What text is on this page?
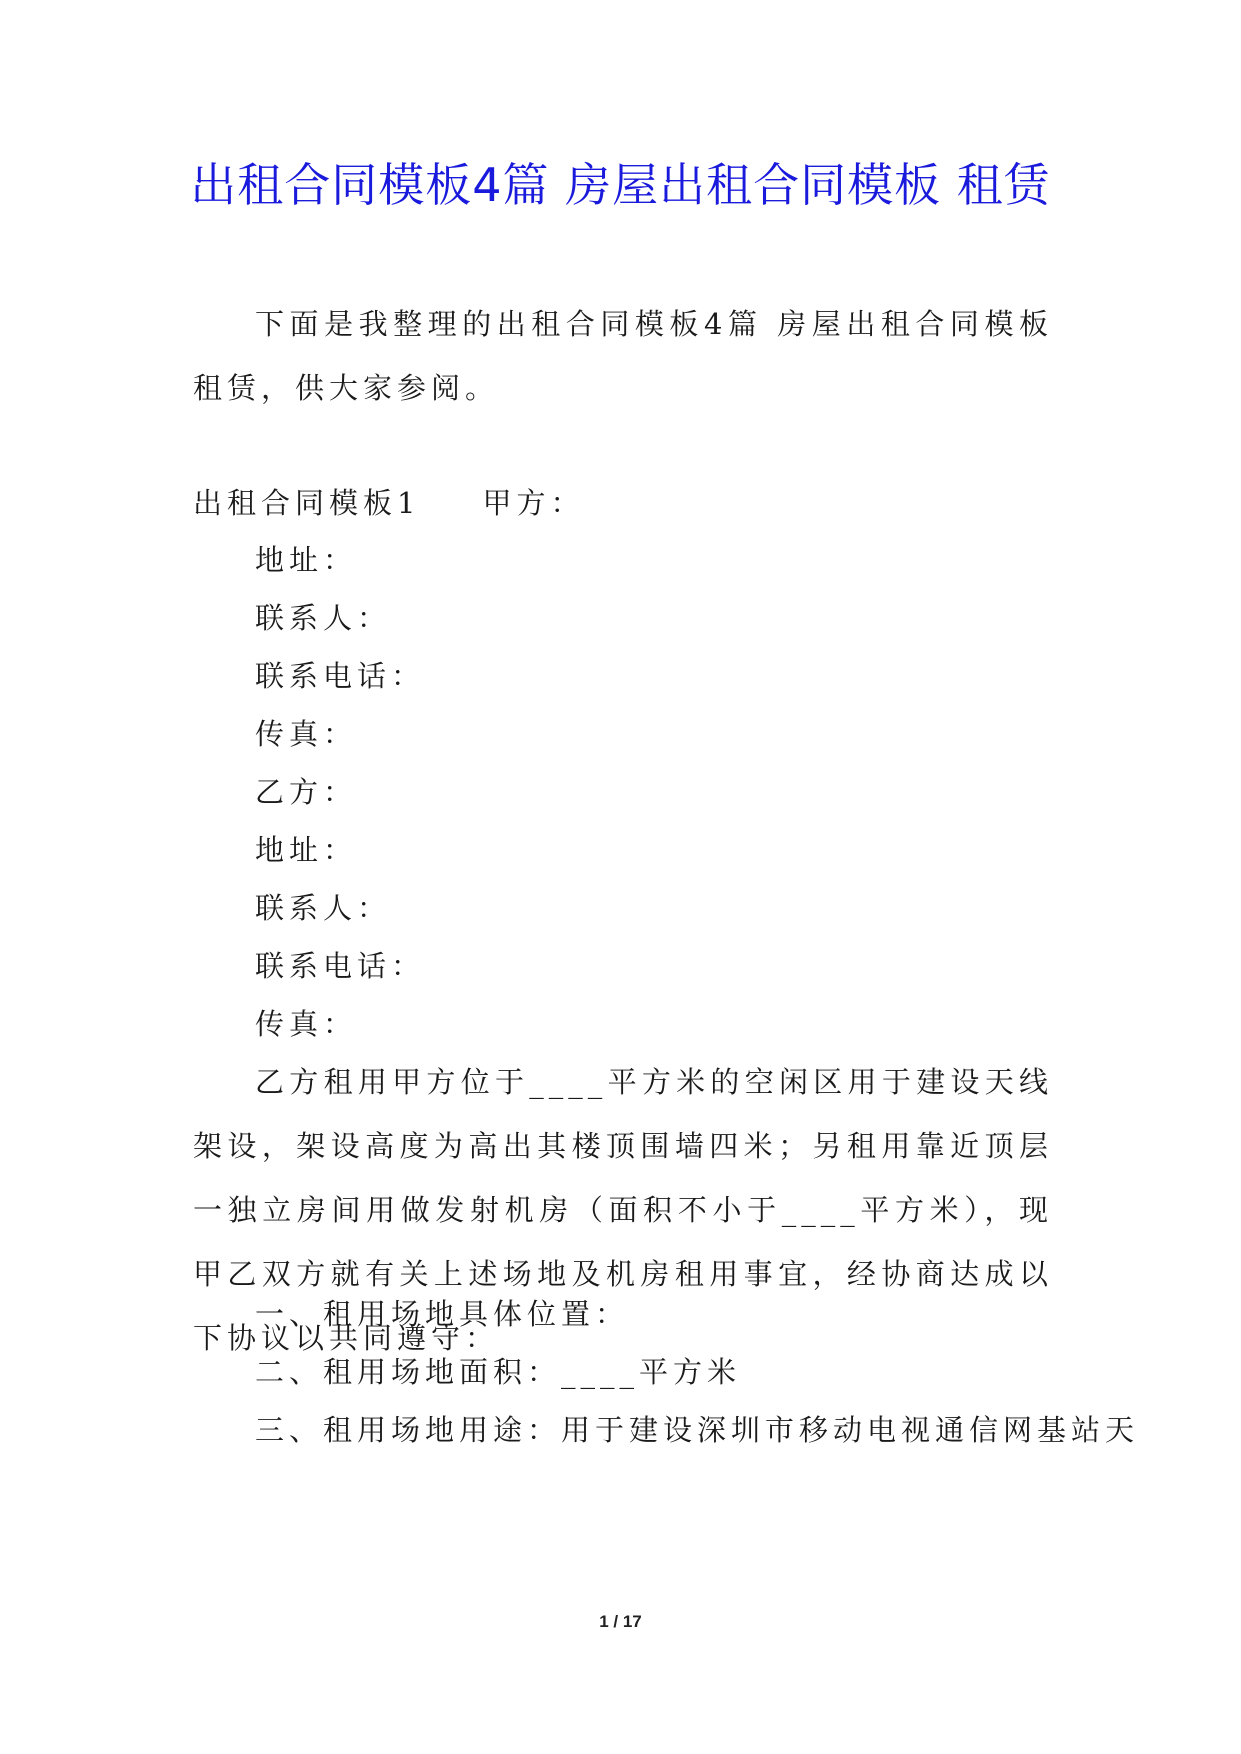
出租合同模板4篇 房屋出租合同模板 租赁

下面是我整理的出租合同模板4篇 房屋出租合同模板 租赁，供大家参阅。

出租合同模板1 甲方：
地址：
联系人：
联系电话：
传真：
乙方：
地址：
联系人：
联系电话：
传真：

乙方租用甲方位于____平方米的空闲区用于建设天线架设，架设高度为高出其楼顶围墙四米；另租用靠近顶层一独立房间用做发射机房（面积不小于____平方米），现甲乙双方就有关上述场地及机房租用事宜，经协商达成以下协议以共同遵守：

一、租用场地具体位置：
二、租用场地面积：____平方米
三、租用场地用途：用于建设深圳市移动电视通信网基站天
1 / 17
